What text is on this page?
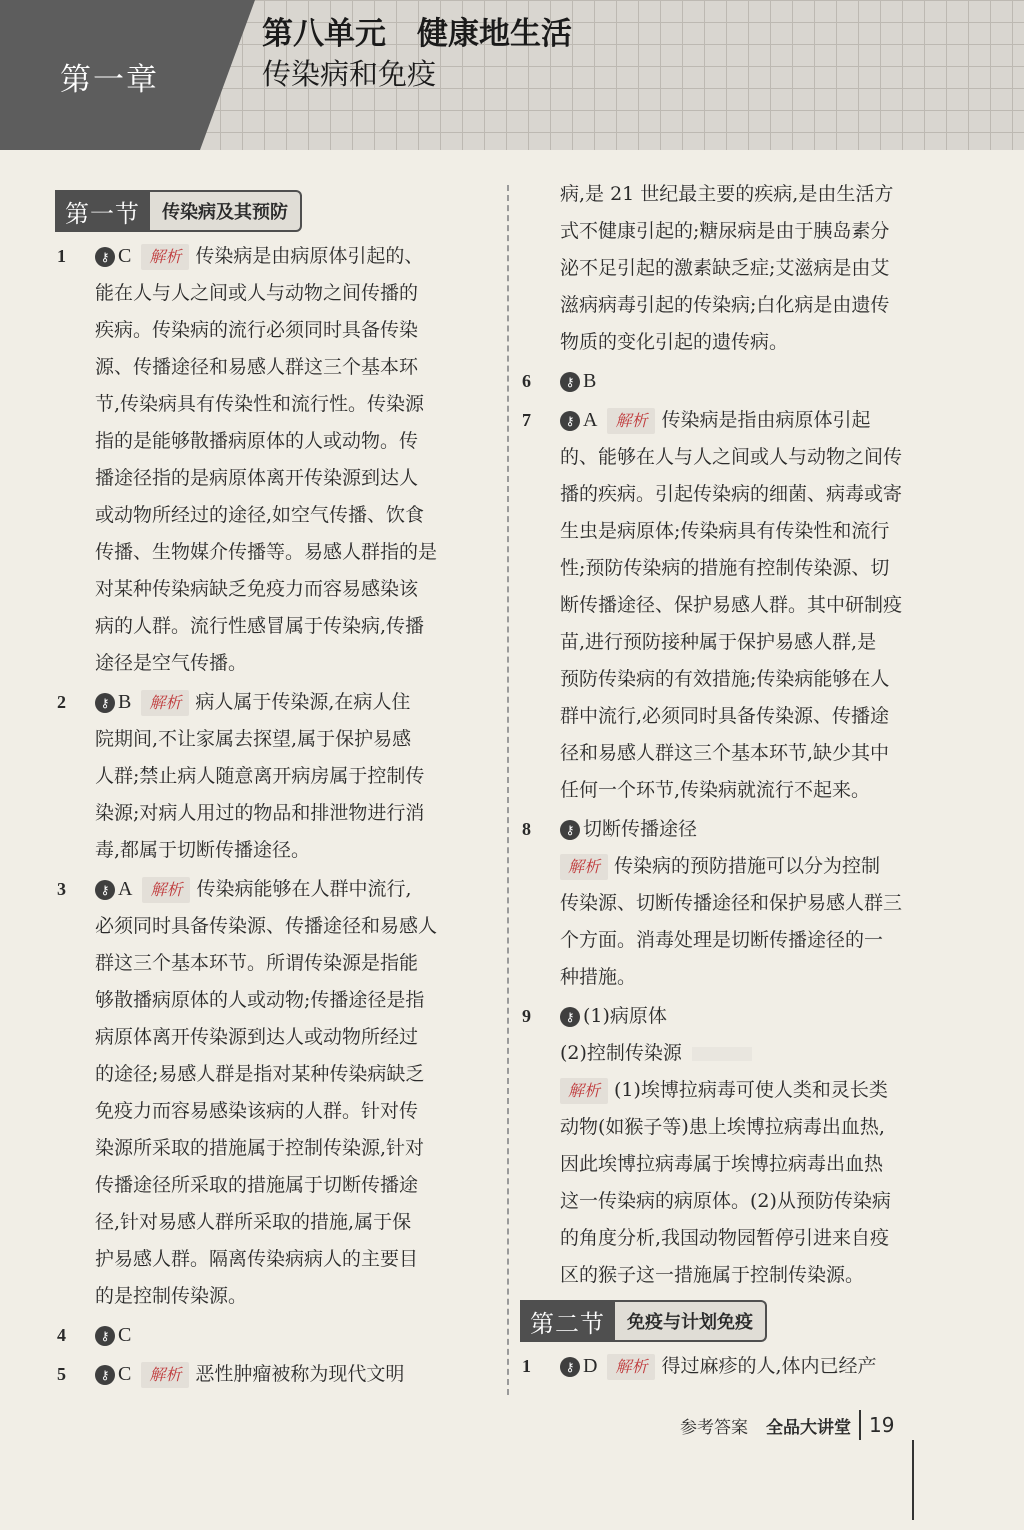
第一章
第八单元　健康地生活
传染病和免疫
第一节	传染病及其预防
1	⚷ C 解析 传染病是由病原体引起的、
能在人与人之间或人与动物之间传播的
疾病。传染病的流行必须同时具备传染
源、传播途径和易感人群这三个基本环
节,传染病具有传染性和流行性。传染源
指的是能够散播病原体的人或动物。传
播途径指的是病原体离开传染源到达人
或动物所经过的途径,如空气传播、饮食
传播、生物媒介传播等。易感人群指的是
对某种传染病缺乏免疫力而容易感染该
病的人群。流行性感冒属于传染病,传播
途径是空气传播。
2	⚷ B 解析 病人属于传染源,在病人住
院期间,不让家属去探望,属于保护易感
人群;禁止病人随意离开病房属于控制传
染源;对病人用过的物品和排泄物进行消
毒,都属于切断传播途径。
3	⚷ A 解析 传染病能够在人群中流行,
必须同时具备传染源、传播途径和易感人
群这三个基本环节。所谓传染源是指能
够散播病原体的人或动物;传播途径是指
病原体离开传染源到达人或动物所经过
的途径;易感人群是指对某种传染病缺乏
免疫力而容易感染该病的人群。针对传
染源所采取的措施属于控制传染源,针对
传播途径所采取的措施属于切断传播途
径,针对易感人群所采取的措施,属于保
护易感人群。隔离传染病病人的主要目
的是控制传染源。
4	⚷ C
5	⚷ C 解析 恶性肿瘤被称为现代文明
病,是 21 世纪最主要的疾病,是由生活方
式不健康引起的;糖尿病是由于胰岛素分
泌不足引起的激素缺乏症;艾滋病是由艾
滋病病毒引起的传染病;白化病是由遗传
物质的变化引起的遗传病。
6	⚷ B
7	⚷ A 解析 传染病是指由病原体引起
的、能够在人与人之间或人与动物之间传
播的疾病。引起传染病的细菌、病毒或寄
生虫是病原体;传染病具有传染性和流行
性;预防传染病的措施有控制传染源、切
断传播途径、保护易感人群。其中研制疫
苗,进行预防接种属于保护易感人群,是
预防传染病的有效措施;传染病能够在人
群中流行,必须同时具备传染源、传播途
径和易感人群这三个基本环节,缺少其中
任何一个环节,传染病就流行不起来。
8	⚷ 切断传播途径
解析 传染病的预防措施可以分为控制
传染源、切断传播途径和保护易感人群三
个方面。消毒处理是切断传播途径的一
种措施。
9	⚷ (1)病原体
(2)控制传染源
解析 (1)埃博拉病毒可使人类和灵长类
动物(如猴子等)患上埃博拉病毒出血热,
因此埃博拉病毒属于埃博拉病毒出血热
这一传染病的病原体。(2)从预防传染病
的角度分析,我国动物园暂停引进来自疫
区的猴子这一措施属于控制传染源。
第二节	免疫与计划免疫
1	⚷ D 解析 得过麻疹的人,体内已经产
参考答案 全品大讲堂 19
